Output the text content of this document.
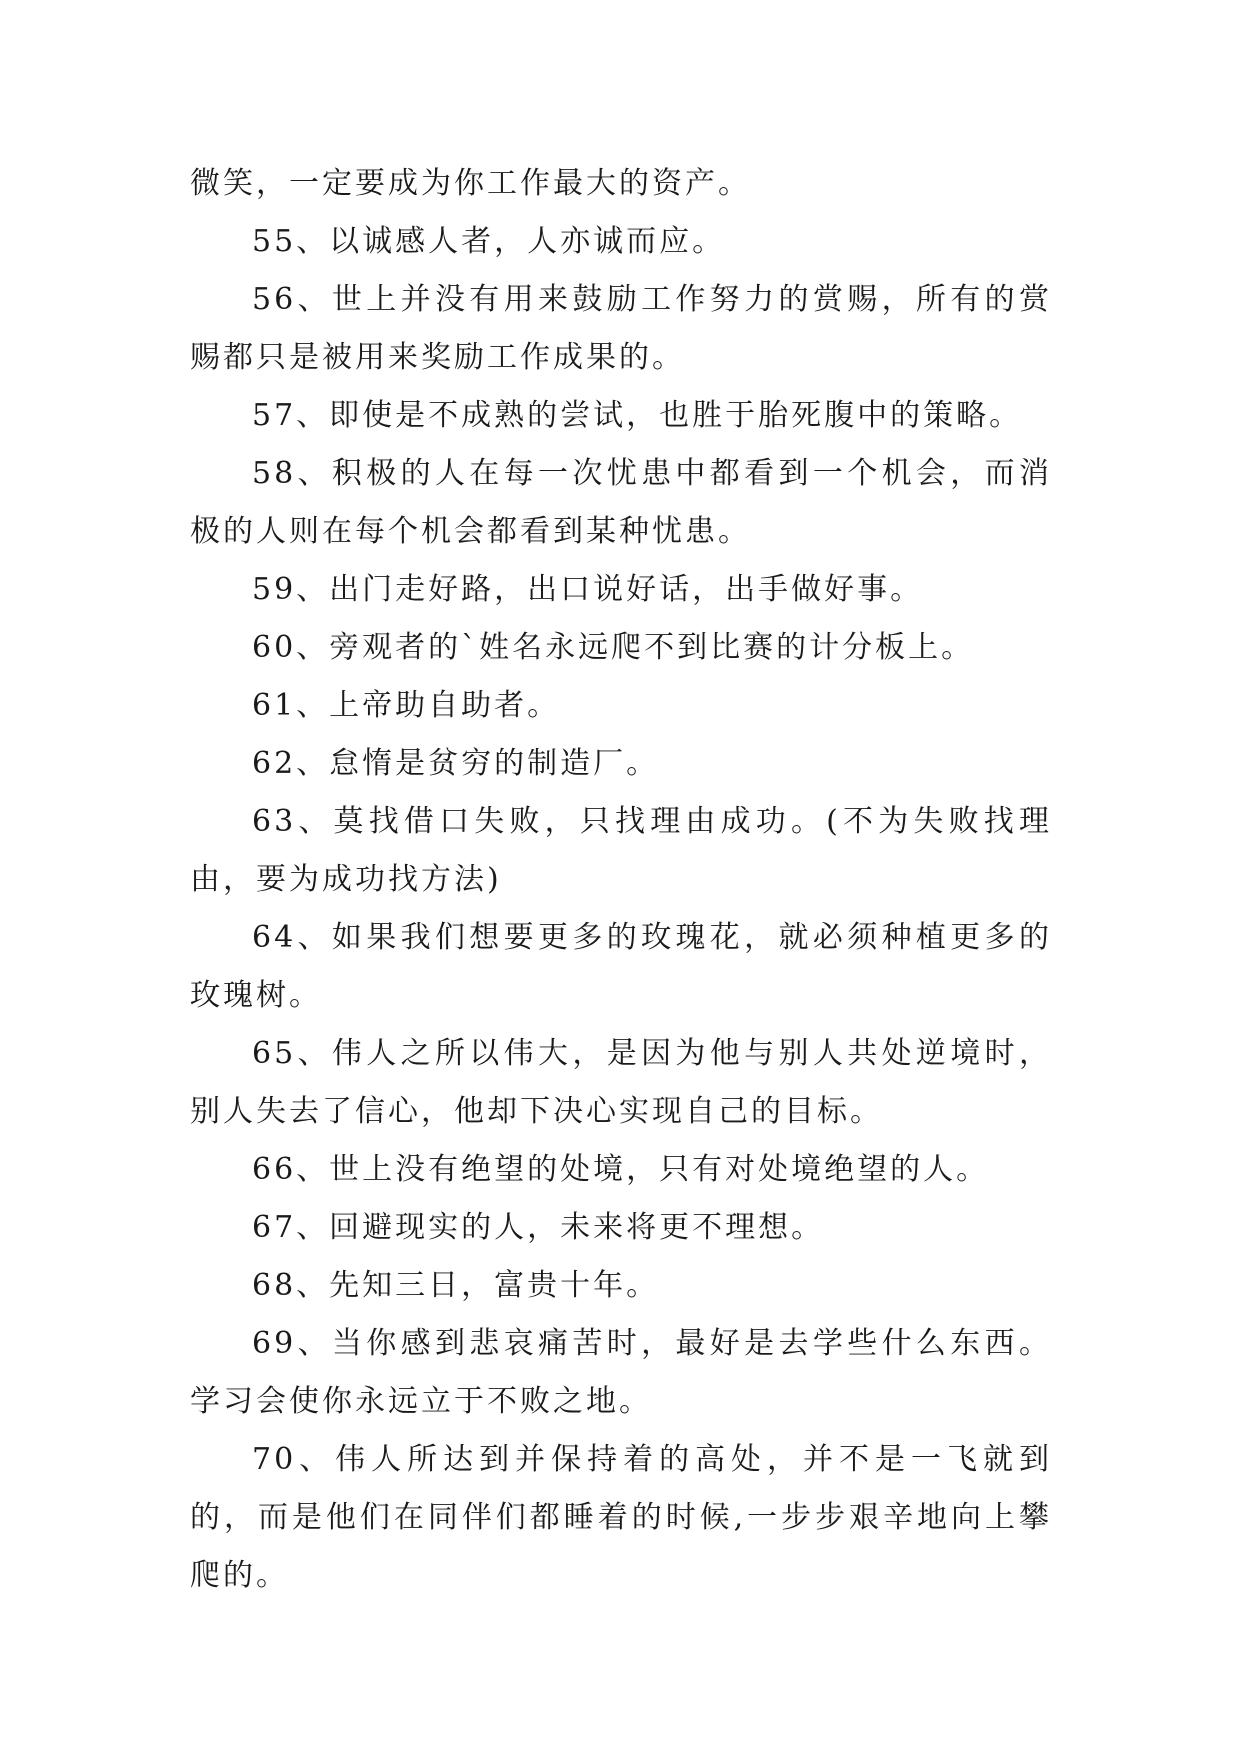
微笑，一定要成为你工作最大的资产。

55、以诚感人者，人亦诚而应。

56、世上并没有用来鼓励工作努力的赏赐，所有的赏赐都只是被用来奖励工作成果的。

57、即使是不成熟的尝试，也胜于胎死腹中的策略。

58、积极的人在每一次忧患中都看到一个机会，而消极的人则在每个机会都看到某种忧患。

59、出门走好路，出口说好话，出手做好事。

60、旁观者的`姓名永远爬不到比赛的计分板上。

61、上帝助自助者。

62、怠惰是贫穷的制造厂。

63、莫找借口失败，只找理由成功。(不为失败找理由，要为成功找方法)

64、如果我们想要更多的玫瑰花，就必须种植更多的玫瑰树。

65、伟人之所以伟大，是因为他与别人共处逆境时，别人失去了信心，他却下决心实现自己的目标。

66、世上没有绝望的处境，只有对处境绝望的人。

67、回避现实的人，未来将更不理想。

68、先知三日，富贵十年。

69、当你感到悲哀痛苦时，最好是去学些什么东西。学习会使你永远立于不败之地。

70、伟人所达到并保持着的高处，并不是一飞就到的，而是他们在同伴们都睡着的时候,一步步艰辛地向上攀爬的。
